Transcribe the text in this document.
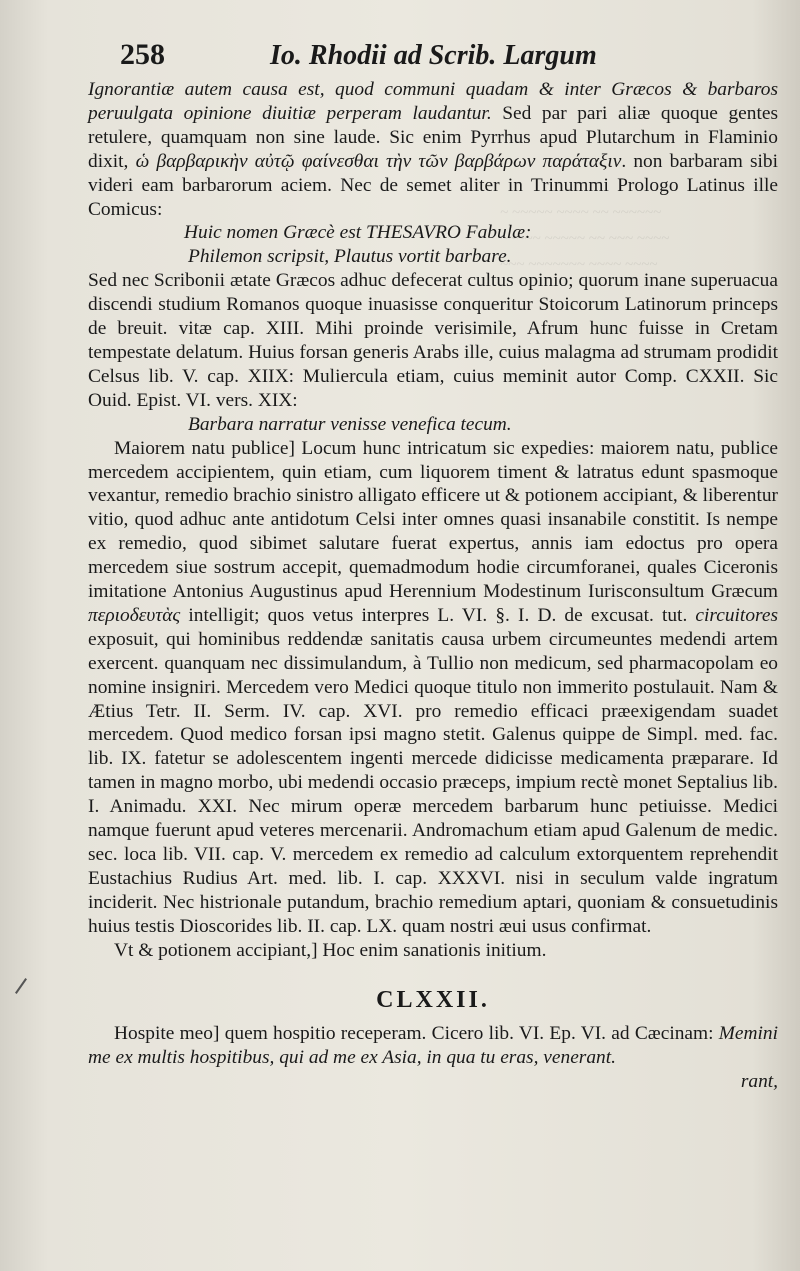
~ ~~~~~ ~~~~ ~~ ~~~~~~
~~~~~ ~~~~~ ~~ ~~~ ~~~~
~~~ ~~~~~~~ ~~~~ ~~~~
258	Io. Rhodii ad Scrib. Largum

Ignorantiæ autem causa est, quod communi quadam & inter Græcos & barbaros peruulgata opinione diuitiæ perperam laudantur. Sed par pari aliæ quoque gentes retulere, quamquam non sine laude. Sic enim Pyrrhus apud Plutarchum in Flaminio dixit, ὡ βαρβαρικὴν αὐτῷ φαίνεσθαι τὴν τῶν βαρβάρων παράταξιν. non barbaram sibi videri eam barbarorum aciem. Nec de semet aliter in Trinummi Prologo Latinus ille Comicus:

Huic nomen Græcè est THESAVRO Fabulæ:

Philemon scripsit, Plautus vortit barbare.

Sed nec Scribonii ætate Græcos adhuc defecerat cultus opinio; quorum inane superuacua discendi studium Romanos quoque inuasisse conqueritur Stoicorum Latinorum princeps de breuit. vitæ cap. XIII. Mihi proinde verisimile, Afrum hunc fuisse in Cretam tempestate delatum. Huius forsan generis Arabs ille, cuius malagma ad strumam prodidit Celsus lib. V. cap. XIIX: Muliercula etiam, cuius meminit autor Comp. CXXII. Sic Ouid. Epist. VI. vers. XIX:

Barbara narratur venisse venefica tecum.

Maiorem natu publice] Locum hunc intricatum sic expedies: maiorem natu, publice mercedem accipientem, quin etiam, cum liquorem timent & latratus edunt spasmoque vexantur, remedio brachio sinistro alligato efficere ut & potionem accipiant, & liberentur vitio, quod adhuc ante antidotum Celsi inter omnes quasi insanabile constitit. Is nempe ex remedio, quod sibimet salutare fuerat expertus, annis iam edoctus pro opera mercedem siue sostrum accepit, quemadmodum hodie circumforanei, quales Ciceronis imitatione Antonius Augustinus apud Herennium Modestinum Iurisconsultum Græcum περιοδευτὰς intelligit; quos vetus interpres L. VI. §. I. D. de excusat. tut. circuitores exposuit, qui hominibus reddendæ sanitatis causa urbem circumeuntes medendi artem exercent. quanquam nec dissimulandum, à Tullio non medicum, sed pharmacopolam eo nomine insigniri. Mercedem vero Medici quoque titulo non immerito postulauit. Nam & Ætius Tetr. II. Serm. IV. cap. XVI. pro remedio efficaci præexigendam suadet mercedem. Quod medico forsan ipsi magno stetit. Galenus quippe de Simpl. med. fac. lib. IX. fatetur se adolescentem ingenti mercede didicisse medicamenta præparare. Id tamen in magno morbo, ubi medendi occasio præceps, impium rectè monet Septalius lib. I. Animadu. XXI. Nec mirum operæ mercedem barbarum hunc petiuisse. Medici namque fuerunt apud veteres mercenarii. Andromachum etiam apud Galenum de medic. sec. loca lib. VII. cap. V. mercedem ex remedio ad calculum extorquentem reprehendit Eustachius Rudius Art. med. lib. I. cap. XXXVI. nisi in seculum valde ingratum inciderit. Nec histrionale putandum, brachio remedium aptari, quoniam & consuetudinis huius testis Dioscorides lib. II. cap. LX. quam nostri æui usus confirmat.

Vt & potionem accipiant,] Hoc enim sanationis initium.

CLXXII.

Hospite meo] quem hospitio receperam. Cicero lib. VI. Ep. VI. ad Cæcinam: Memini me ex multis hospitibus, qui ad me ex Asia, in qua tu eras, venerant.

rant,
